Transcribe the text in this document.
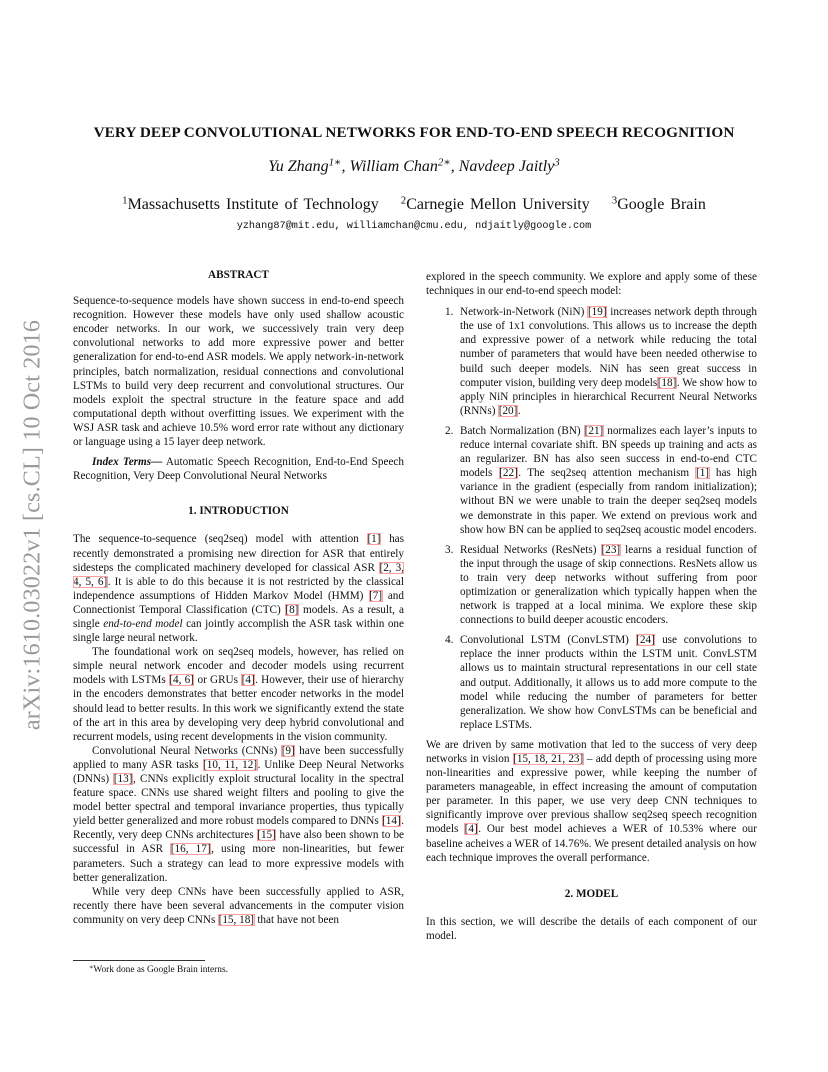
arXiv:1610.03022v1 [cs.CL] 10 Oct 2016
VERY DEEP CONVOLUTIONAL NETWORKS FOR END-TO-END SPEECH RECOGNITION
Yu Zhang$^{1∗}$, William Chan$^{2∗}$, Navdeep Jaitly$^3$
$^1$Massachusetts Institute of Technology $^2$Carnegie Mellon University $^3$Google Brain
yzhang87@mit.edu, williamchan@cmu.edu, ndjaitly@google.com
ABSTRACT

Sequence-to-sequence models have shown success in end-to-end speech recognition. However these models have only used shallow acoustic encoder networks. In our work, we successively train very deep convolutional networks to add more expressive power and better generalization for end-to-end ASR models. We apply network-in-network principles, batch normalization, residual connections and convolutional LSTMs to build very deep recurrent and convolutional structures. Our models exploit the spectral structure in the feature space and add computational depth without overfitting issues. We experiment with the WSJ ASR task and achieve 10.5% word error rate without any dictionary or language using a 15 layer deep network.

Index Terms— Automatic Speech Recognition, End-to-End Speech Recognition, Very Deep Convolutional Neural Networks

1. INTRODUCTION

The sequence-to-sequence (seq2seq) model with attention [1] has recently demonstrated a promising new direction for ASR that entirely sidesteps the complicated machinery developed for classical ASR [2, 3, 4, 5, 6]. It is able to do this because it is not restricted by the classical independence assumptions of Hidden Markov Model (HMM) [7] and Connectionist Temporal Classification (CTC) [8] models. As a result, a single end-to-end model can jointly accomplish the ASR task within one single large neural network.

The foundational work on seq2seq models, however, has relied on simple neural network encoder and decoder models using recurrent models with LSTMs [4, 6] or GRUs [4]. However, their use of hierarchy in the encoders demonstrates that better encoder networks in the model should lead to better results. In this work we significantly extend the state of the art in this area by developing very deep hybrid convolutional and recurrent models, using recent developments in the vision community.

Convolutional Neural Networks (CNNs) [9] have been successfully applied to many ASR tasks [10, 11, 12]. Unlike Deep Neural Networks (DNNs) [13], CNNs explicitly exploit structural locality in the spectral feature space. CNNs use shared weight filters and pooling to give the model better spectral and temporal invariance properties, thus typically yield better generalized and more robust models compared to DNNs [14]. Recently, very deep CNNs architectures [15] have also been shown to be successful in ASR [16, 17], using more non-linearities, but fewer parameters. Such a strategy can lead to more expressive models with better generalization.

While very deep CNNs have been successfully applied to ASR, recently there have been several advancements in the computer vision community on very deep CNNs [15, 18] that have not been

∗Work done as Google Brain interns.

explored in the speech community. We explore and apply some of these techniques in our end-to-end speech model:

1. Network-in-Network (NiN) [19] increases network depth through the use of 1x1 convolutions. This allows us to increase the depth and expressive power of a network while reducing the total number of parameters that would have been needed otherwise to build such deeper models. NiN has seen great success in computer vision, building very deep models[18]. We show how to apply NiN principles in hierarchical Recurrent Neural Networks (RNNs) [20].
2. Batch Normalization (BN) [21] normalizes each layer’s inputs to reduce internal covariate shift. BN speeds up training and acts as an regularizer. BN has also seen success in end-to-end CTC models [22]. The seq2seq attention mechanism [1] has high variance in the gradient (especially from random initialization); without BN we were unable to train the deeper seq2seq models we demonstrate in this paper. We extend on previous work and show how BN can be applied to seq2seq acoustic model encoders.
3. Residual Networks (ResNets) [23] learns a residual function of the input through the usage of skip connections. ResNets allow us to train very deep networks without suffering from poor optimization or generalization which typically happen when the network is trapped at a local minima. We explore these skip connections to build deeper acoustic encoders.
4. Convolutional LSTM (ConvLSTM) [24] use convolutions to replace the inner products within the LSTM unit. ConvLSTM allows us to maintain structural representations in our cell state and output. Additionally, it allows us to add more compute to the model while reducing the number of parameters for better generalization. We show how ConvLSTMs can be beneficial and replace LSTMs.

We are driven by same motivation that led to the success of very deep networks in vision [15, 18, 21, 23] – add depth of processing using more non-linearities and expressive power, while keeping the number of parameters manageable, in effect increasing the amount of computation per parameter. In this paper, we use very deep CNN techniques to significantly improve over previous shallow seq2seq speech recognition models [4]. Our best model achieves a WER of 10.53% where our baseline acheives a WER of 14.76%. We present detailed analysis on how each technique improves the overall performance.

2. MODEL

In this section, we will describe the details of each component of our model.
